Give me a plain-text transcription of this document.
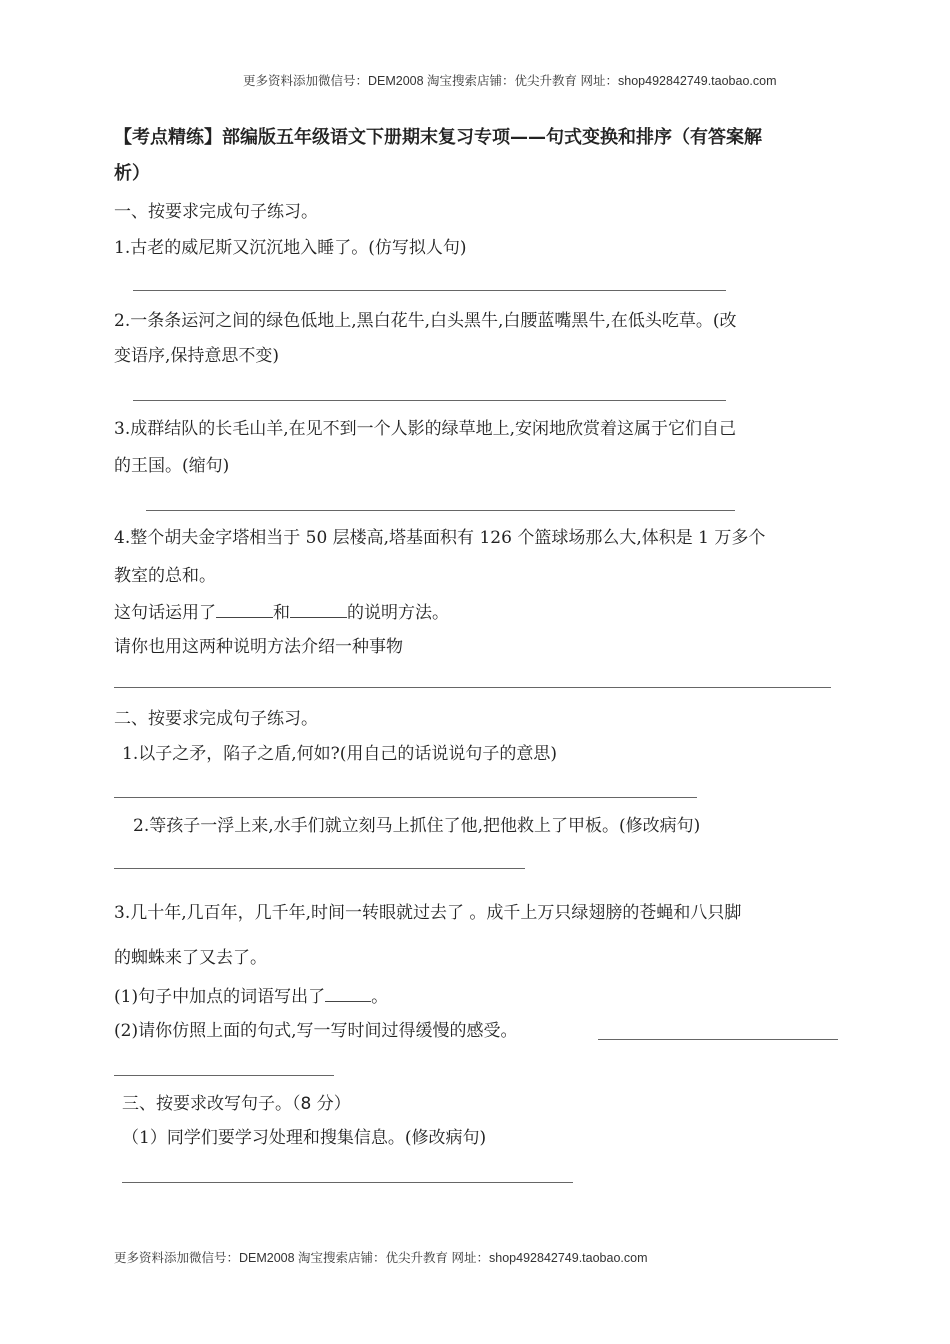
更多资料添加微信号：DEM2008 淘宝搜索店铺：优尖升教育 网址：shop492842749.taobao.com
【考点精练】部编版五年级语文下册期末复习专项——句式变换和排序（有答案解
析）
一、按要求完成句子练习。
1.古老的威尼斯又沉沉地入睡了。(仿写拟人句)
2.一条条运河之间的绿色低地上,黑白花牛,白头黑牛,白腰蓝嘴黑牛,在低头吃草。(改
变语序,保持意思不变)
3.成群结队的长毛山羊,在见不到一个人影的绿草地上,安闲地欣赏着这属于它们自己
的王国。(缩句)
4.整个胡夫金字塔相当于 50 层楼高,塔基面积有 126 个篮球场那么大,体积是 1 万多个
教室的总和。
这句话运用了	和	的说明方法。
请你也用这两种说明方法介绍一种事物
二、按要求完成句子练习。
1.以子之矛，陷子之盾,何如?(用自己的话说说句子的意思)
2.等孩子一浮上来,水手们就立刻马上抓住了他,把他救上了甲板。(修改病句)
3.几十年,几百年，几千年,时间一转眼就过去了 。成千上万只绿翅膀的苍蝇和八只脚
的蜘蛛来了又去了。
(1)句子中加点的词语写出了	。
(2)请你仿照上面的句式,写一写时间过得缓慢的感受。
三、按要求改写句子。（8 分）
（1）同学们要学习处理和搜集信息。(修改病句)
更多资料添加微信号：DEM2008 淘宝搜索店铺：优尖升教育 网址：shop492842749.taobao.com
